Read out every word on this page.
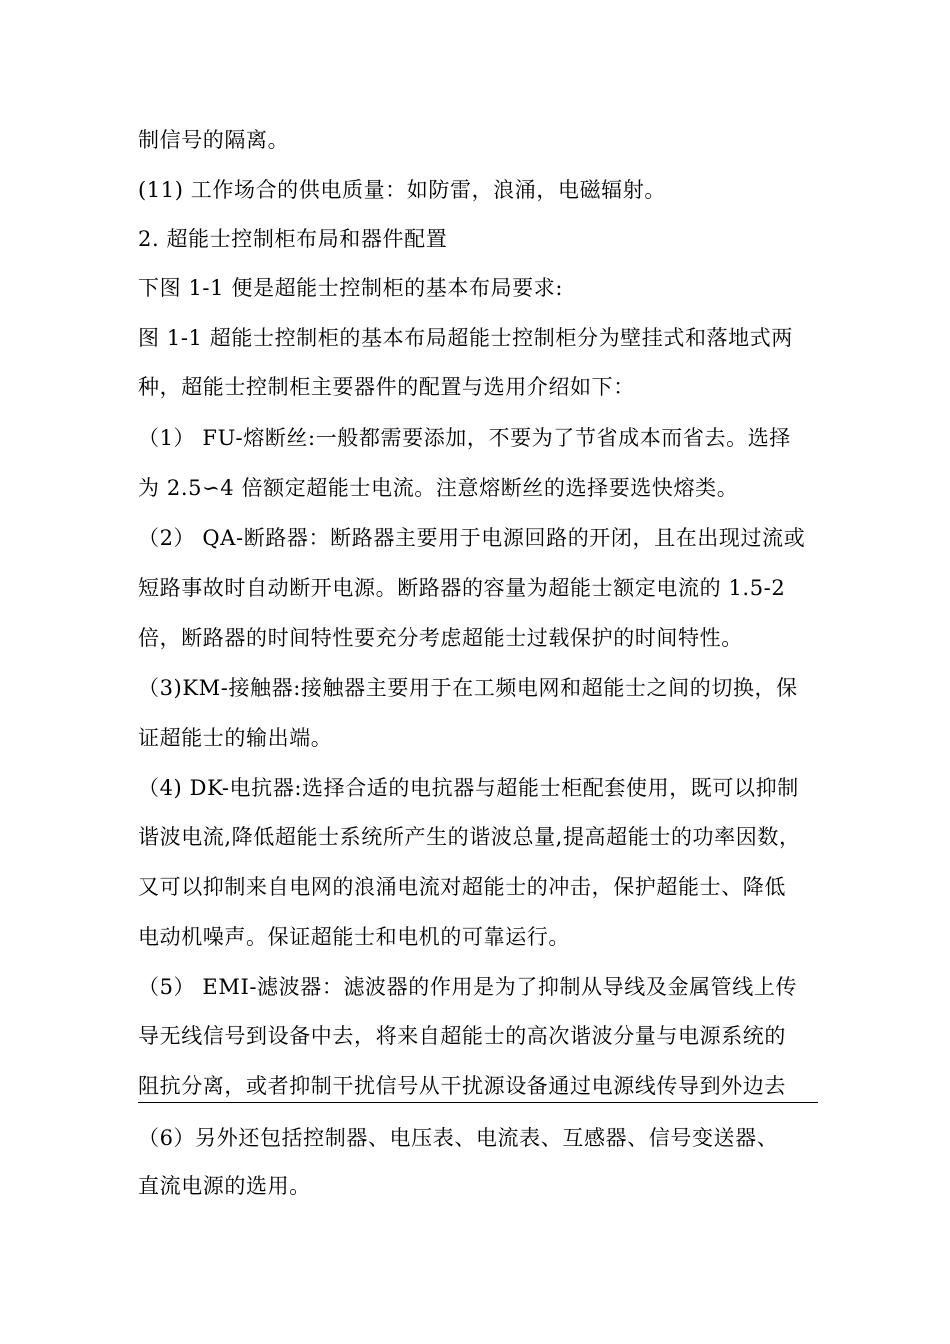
制信号的隔离。
(11) 工作场合的供电质量：如防雷，浪涌，电磁辐射。
2. 超能士控制柜布局和器件配置
下图 1-1 便是超能士控制柜的基本布局要求:
图 1-1 超能士控制柜的基本布局超能士控制柜分为壁挂式和落地式两
种，超能士控制柜主要器件的配置与选用介绍如下：
（1） FU-熔断丝:一般都需要添加，不要为了节省成本而省去。选择
为 2.5∽4 倍额定超能士电流。注意熔断丝的选择要选快熔类。
（2） QA-断路器：断路器主要用于电源回路的开闭，且在出现过流或
短路事故时自动断开电源。断路器的容量为超能士额定电流的 1.5-2
倍，断路器的时间特性要充分考虑超能士过载保护的时间特性。
（3)KM-接触器:接触器主要用于在工频电网和超能士之间的切换，保
证超能士的输出端。
（4) DK-电抗器:选择合适的电抗器与超能士柜配套使用，既可以抑制
谐波电流,降低超能士系统所产生的谐波总量,提高超能士的功率因数，
又可以抑制来自电网的浪涌电流对超能士的冲击，保护超能士、降低
电动机噪声。保证超能士和电机的可靠运行。
（5） EMI-滤波器：滤波器的作用是为了抑制从导线及金属管线上传
导无线信号到设备中去，将来自超能士的高次谐波分量与电源系统的
阻抗分离，或者抑制干扰信号从干扰源设备通过电源线传导到外边去
（6）另外还包括控制器、电压表、电流表、互感器、信号变送器、
直流电源的选用。
